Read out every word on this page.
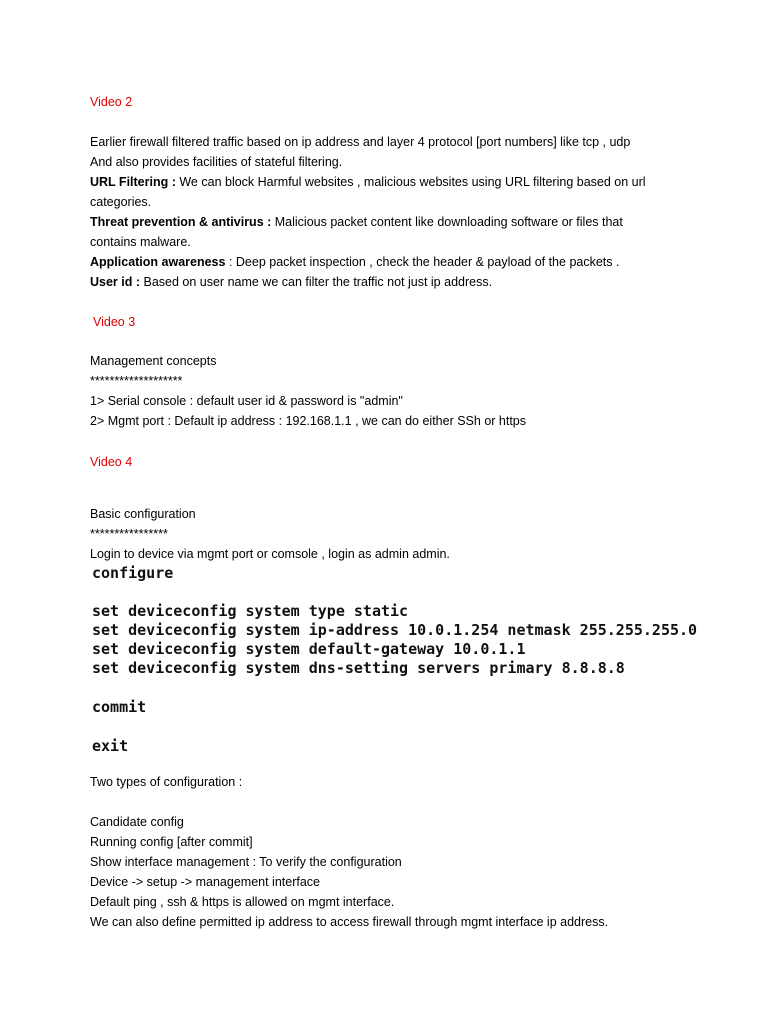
Video 2
Earlier firewall filtered traffic based on ip address and layer 4 protocol [port numbers] like tcp , udp
And also provides facilities of stateful filtering.
URL Filtering : We can block Harmful websites , malicious websites using URL filtering based on url
categories.
Threat prevention & antivirus : Malicious packet content like downloading software or files that
contains malware.
Application awareness : Deep packet inspection , check the header & payload of the packets .
User id : Based on user name we can filter the traffic not just ip address.
Video 3
Management concepts
*******************
1> Serial console : default user id & password is "admin"
2> Mgmt port : Default ip address : 192.168.1.1 , we can do either SSh or https
Video 4
Basic configuration
****************
Login to device via mgmt port or comsole , login as admin admin.
configure
set deviceconfig system type static
set deviceconfig system ip-address 10.0.1.254 netmask 255.255.255.0
set deviceconfig system default-gateway 10.0.1.1
set deviceconfig system dns-setting servers primary 8.8.8.8
commit
exit
Two types of configuration :
Candidate config
Running config [after commit]
Show interface management : To verify the configuration
Device -> setup -> management interface
Default ping , ssh & https is allowed on mgmt interface.
We can also define permitted ip address to access firewall through mgmt interface ip address.
